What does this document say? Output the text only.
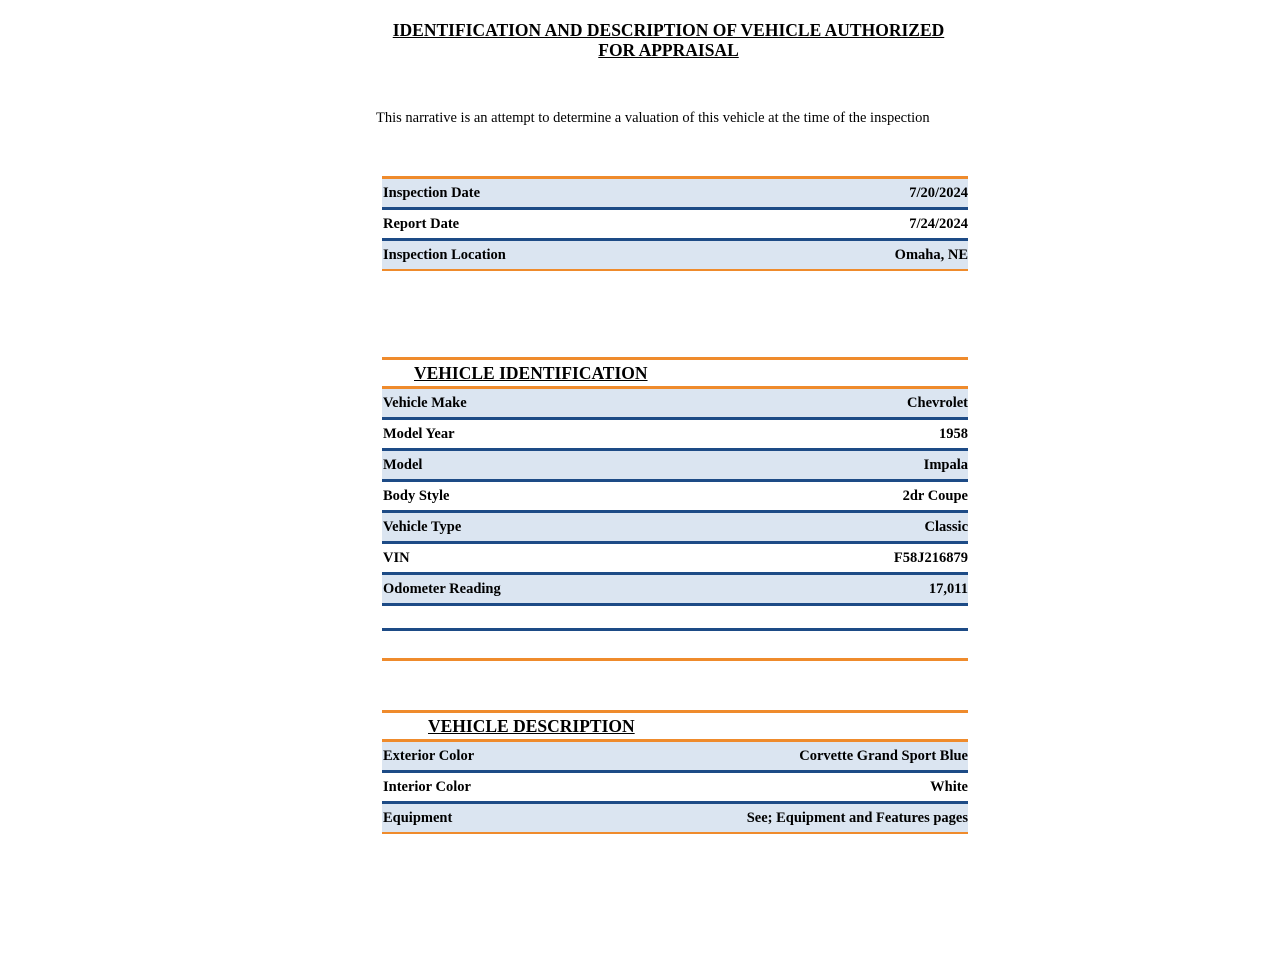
IDENTIFICATION AND DESCRIPTION OF VEHICLE AUTHORIZED FOR APPRAISAL
This narrative is an attempt to determine a valuation of this vehicle at the time of the inspection
Inspection Date	7/20/2024
Report Date	7/24/2024
Inspection Location	Omaha, NE
VEHICLE IDENTIFICATION
Vehicle Make	Chevrolet
Model Year	1958
Model	Impala
Body Style	2dr Coupe
Vehicle Type	Classic
VIN	F58J216879
Odometer Reading	17,011
VEHICLE DESCRIPTION
Exterior Color	Corvette Grand Sport Blue
Interior Color	White
Equipment	See; Equipment and Features pages
